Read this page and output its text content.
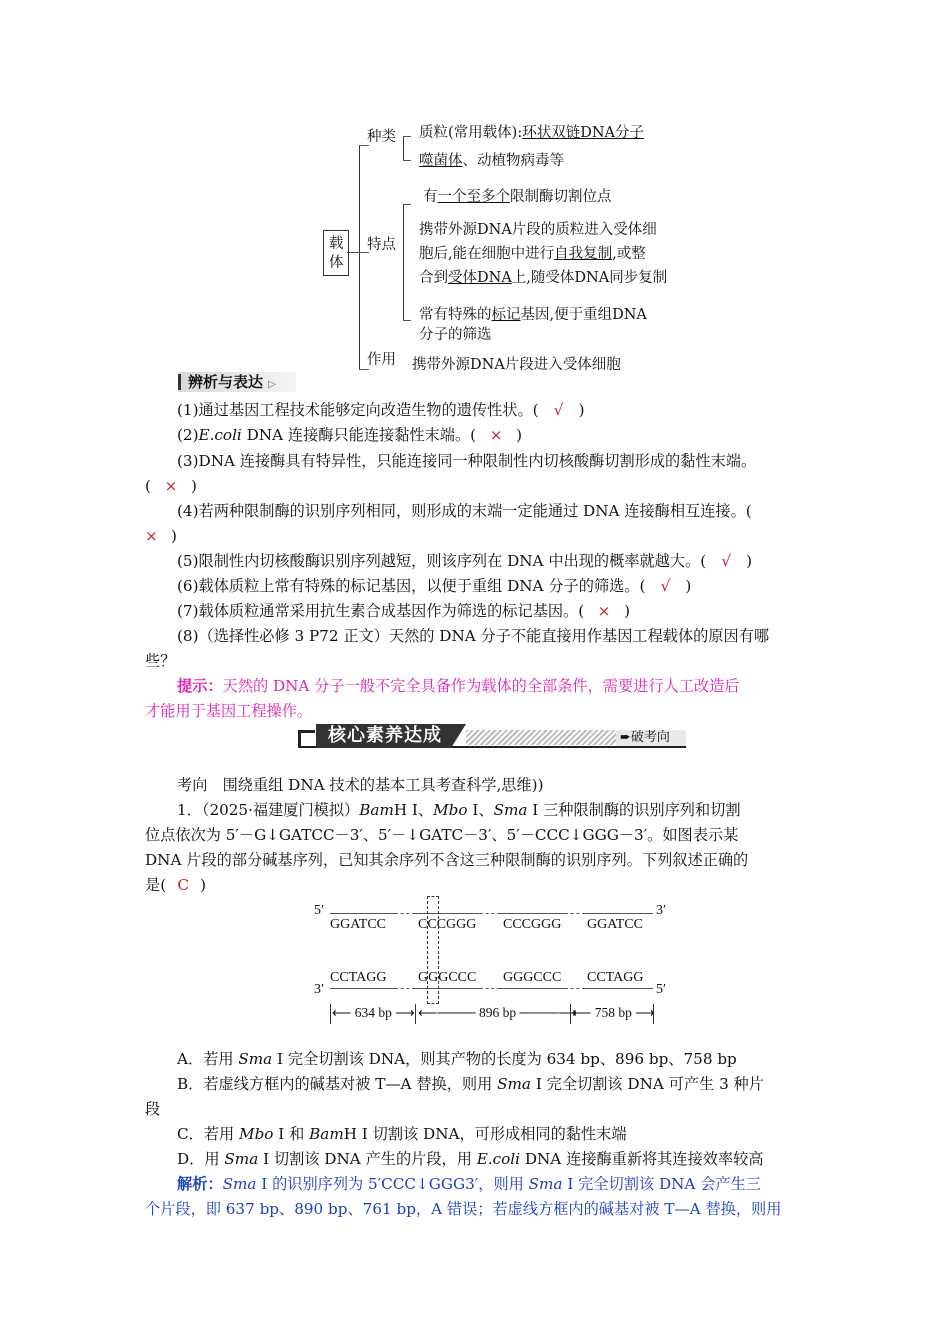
载
体
种类
特点
作用
质粒(常用载体):环状双链DNA分子
噬菌体、动植物病毒等
有一个至多个限制酶切割位点
携带外源DNA片段的质粒进入受体细
胞后,能在细胞中进行自我复制,或整
合到受体DNA上,随受体DNA同步复制
常有特殊的标记基因,便于重组DNA
分子的筛选
携带外源DNA片段进入受体细胞
辨析与表达 ▷
(1)通过基因工程技术能够定向改造生物的遗传性状。( √ )
(2)E.coli DNA 连接酶只能连接黏性末端。( × )
(3)DNA 连接酶具有特异性，只能连接同一种限制性内切核酸酶切割形成的黏性末端。
( × )
(4)若两种限制酶的识别序列相同，则形成的末端一定能通过 DNA 连接酶相互连接。(
× )
(5)限制性内切核酸酶识别序列越短，则该序列在 DNA 中出现的概率就越大。( √ )
(6)载体质粒上常有特殊的标记基因，以便于重组 DNA 分子的筛选。( √ )
(7)载体质粒通常采用抗生素合成基因作为筛选的标记基因。( × )
(8)（选择性必修 3 P72 正文）天然的 DNA 分子不能直接用作基因工程载体的原因有哪
些？
提示：天然的 DNA 分子一般不完全具备作为载体的全部条件，需要进行人工改造后
才能用于基因工程操作。
核心素养达成	➨破考向
考向　围绕重组 DNA 技术的基本工具考查科学,思维))
1．（2025·福建厦门模拟）BamH Ⅰ、Mbo Ⅰ、Sma Ⅰ 三种限制酶的识别序列和切割
位点依次为 5′－G↓GATCC－3′、5′－↓GATC－3′、5′－CCC↓GGG－3′。如图表示某
DNA 片段的部分碱基序列，已知其余序列不含这三种限制酶的识别序列。下列叙述正确的
是( C )
5′	3′
GGATCC CCCGGG CCCGGG GGATCC
CCTAGG GGGCCC GGGCCC CCTAGG
3′	5′
⟵ 634 bp ⟶ ⟵──── 896 bp ────⟶
⟵ 758 bp ⟶
A．若用 Sma Ⅰ 完全切割该 DNA，则其产物的长度为 634 bp、896 bp、758 bp
B．若虚线方框内的碱基对被 T—A 替换，则用 Sma Ⅰ 完全切割该 DNA 可产生 3 种片
段
C．若用 Mbo Ⅰ 和 BamH Ⅰ 切割该 DNA，可形成相同的黏性末端
D．用 Sma Ⅰ 切割该 DNA 产生的片段，用 E.coli DNA 连接酶重新将其连接效率较高
解析：Sma Ⅰ 的识别序列为 5′CCC↓GGG3′，则用 Sma Ⅰ 完全切割该 DNA 会产生三
个片段，即 637 bp、890 bp、761 bp，A 错误；若虚线方框内的碱基对被 T—A 替换，则用
